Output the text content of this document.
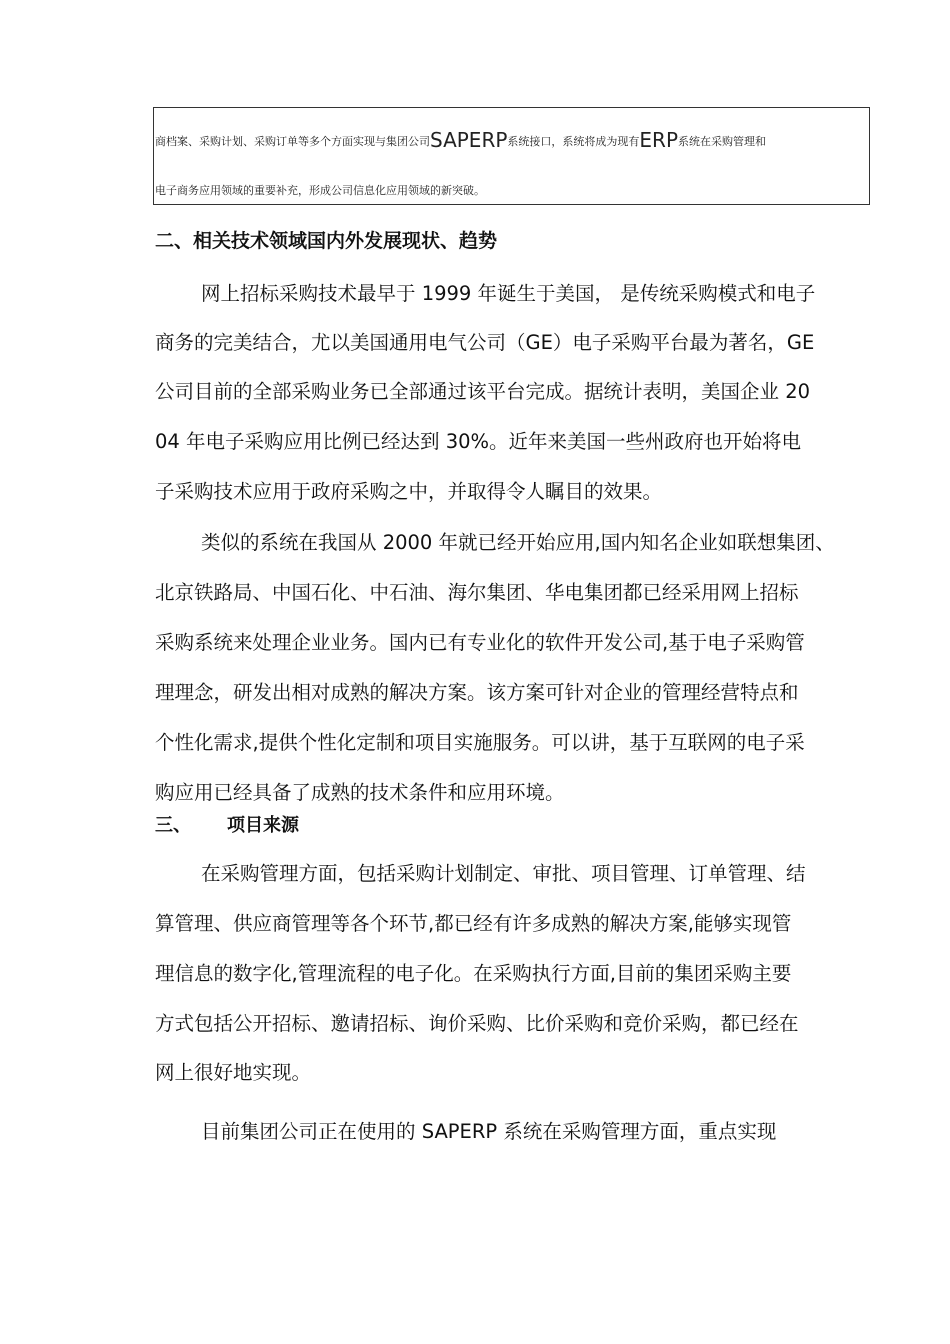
商档案、采购计划、采购订单等多个方面实现与集团公司SAPERP系统接口，系统将成为现有ERP系统在采购管理和
电子商务应用领域的重要补充，形成公司信息化应用领域的新突破。
二、相关技术领域国内外发展现状、趋势
网上招标采购技术最早于 1999 年诞生于美国， 是传统采购模式和电子
商务的完美结合，尤以美国通用电气公司（GE）电子采购平台最为著名，GE
公司目前的全部采购业务已全部通过该平台完成。据统计表明，美国企业 20
04 年电子采购应用比例已经达到 30%。近年来美国一些州政府也开始将电
子采购技术应用于政府采购之中，并取得令人瞩目的效果。
类似的系统在我国从 2000 年就已经开始应用,国内知名企业如联想集团、
北京铁路局、中国石化、中石油、海尔集团、华电集团都已经采用网上招标
采购系统来处理企业业务。国内已有专业化的软件开发公司,基于电子采购管
理理念，研发出相对成熟的解决方案。该方案可针对企业的管理经营特点和
个性化需求,提供个性化定制和项目实施服务。可以讲，基于互联网的电子采
购应用已经具备了成熟的技术条件和应用环境。
三、 项目来源
在采购管理方面，包括采购计划制定、审批、项目管理、订单管理、结
算管理、供应商管理等各个环节,都已经有许多成熟的解决方案,能够实现管
理信息的数字化,管理流程的电子化。在采购执行方面,目前的集团采购主要
方式包括公开招标、邀请招标、询价采购、比价采购和竞价采购，都已经在
网上很好地实现。
目前集团公司正在使用的 SAPERP 系统在采购管理方面，重点实现
